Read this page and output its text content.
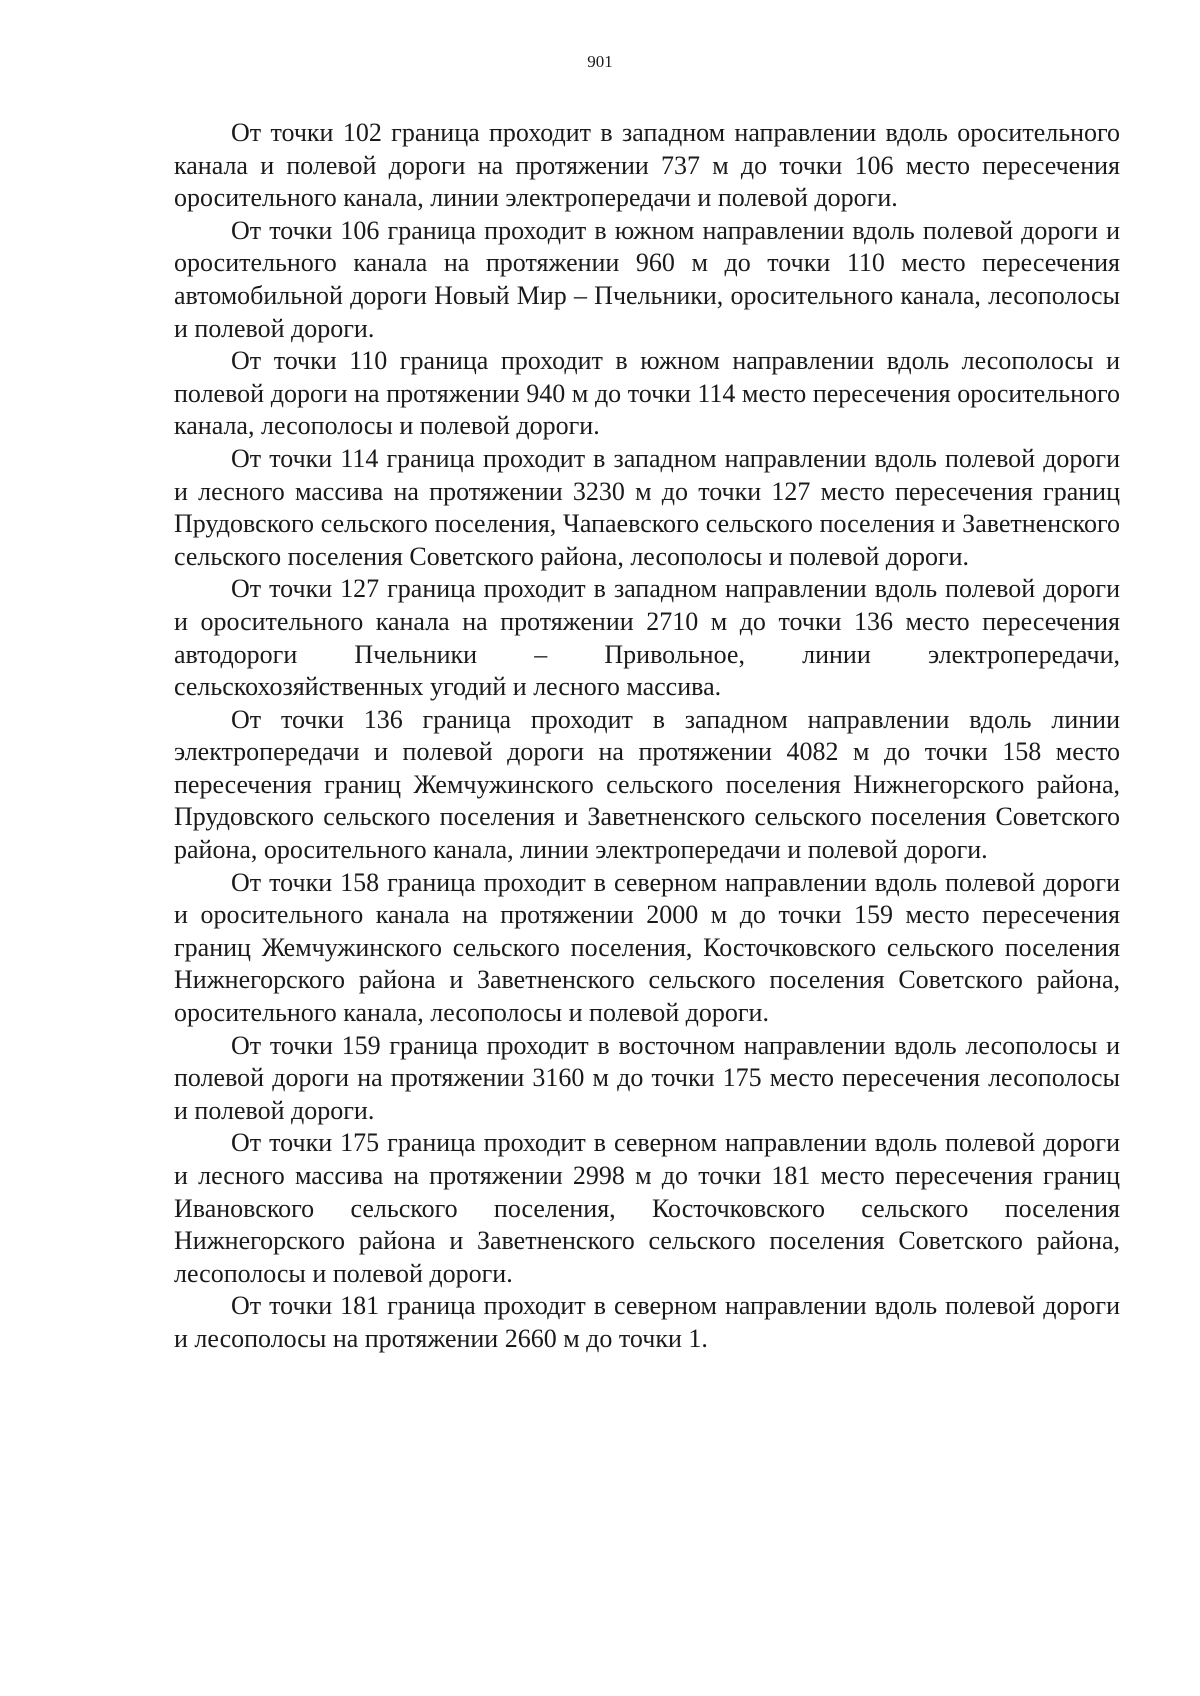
901

От точки 102 граница проходит в западном направлении вдоль оросительного канала и полевой дороги на протяжении 737 м до точки 106 место пересечения оросительного канала, линии электропередачи и полевой дороги.

От точки 106 граница проходит в южном направлении вдоль полевой дороги и оросительного канала на протяжении 960 м до точки 110 место пересечения автомобильной дороги Новый Мир – Пчельники, оросительного канала, лесополосы и полевой дороги.

От точки 110 граница проходит в южном направлении вдоль лесополосы и полевой дороги на протяжении 940 м до точки 114 место пересечения оросительного канала, лесополосы и полевой дороги.

От точки 114 граница проходит в западном направлении вдоль полевой дороги и лесного массива на протяжении 3230 м до точки 127 место пересечения границ Прудовского сельского поселения, Чапаевского сельского поселения и Заветненского сельского поселения Советского района, лесополосы и полевой дороги.

От точки 127 граница проходит в западном направлении вдоль полевой дороги и оросительного канала на протяжении 2710 м до точки 136 место пересечения автодороги Пчельники – Привольное, линии электропередачи, сельскохозяйственных угодий и лесного массива.

От точки 136 граница проходит в западном направлении вдоль линии электропередачи и полевой дороги на протяжении 4082 м до точки 158 место пересечения границ Жемчужинского сельского поселения Нижнегорского района, Прудовского сельского поселения и Заветненского сельского поселения Советского района, оросительного канала, линии электропередачи и полевой дороги.

От точки 158 граница проходит в северном направлении вдоль полевой дороги и оросительного канала на протяжении 2000 м до точки 159 место пересечения границ Жемчужинского сельского поселения, Косточковского сельского поселения Нижнегорского района и Заветненского сельского поселения Советского района, оросительного канала, лесополосы и полевой дороги.

От точки 159 граница проходит в восточном направлении вдоль лесополосы и полевой дороги на протяжении 3160 м до точки 175 место пересечения лесополосы и полевой дороги.

От точки 175 граница проходит в северном направлении вдоль полевой дороги и лесного массива на протяжении 2998 м до точки 181 место пересечения границ Ивановского сельского поселения, Косточковского сельского поселения Нижнегорского района и Заветненского сельского поселения Советского района, лесополосы и полевой дороги.

От точки 181 граница проходит в северном направлении вдоль полевой дороги и лесополосы на протяжении 2660 м до точки 1.
